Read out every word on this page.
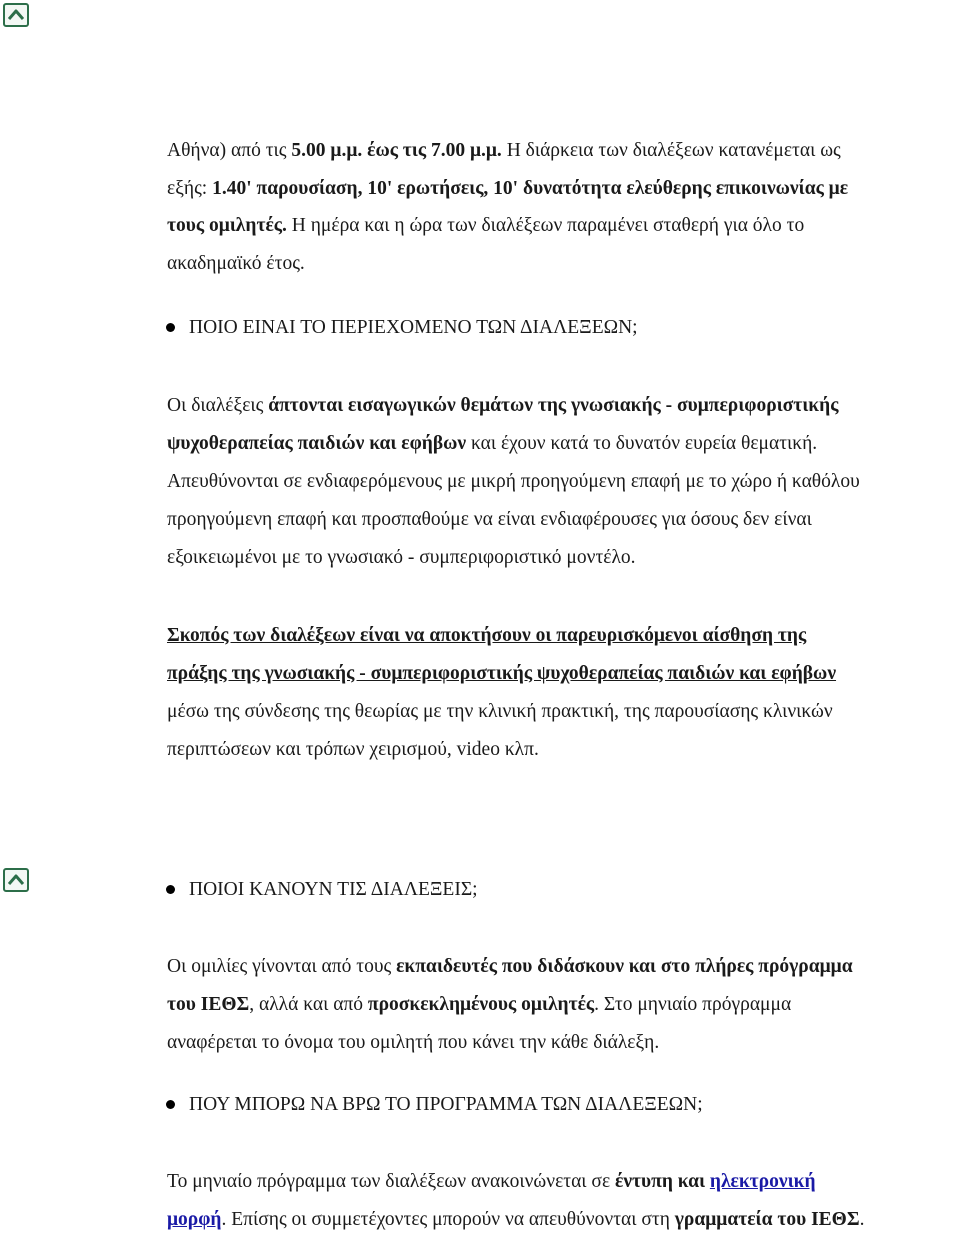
Αθήνα) από τις 5.00 μ.μ. έως τις 7.00 μ.μ. Η διάρκεια των διαλέξεων κατανέμεται ως
εξής: 1.40' παρουσίαση, 10' ερωτήσεις, 10' δυνατότητα ελεύθερης επικοινωνίας με
τους ομιλητές. Η ημέρα και η ώρα των διαλέξεων παραμένει σταθερή για όλο το
ακαδημαϊκό έτος.
ΠΟΙΟ ΕΙΝΑΙ ΤΟ ΠΕΡΙΕΧΟΜΕΝΟ ΤΩΝ ΔΙΑΛΕΞΕΩΝ;
Οι διαλέξεις άπτονται εισαγωγικών θεμάτων της γνωσιακής - συμπεριφοριστικής
ψυχοθεραπείας παιδιών και εφήβων και έχουν κατά το δυνατόν ευρεία θεματική.
Απευθύνονται σε ενδιαφερόμενους με μικρή προηγούμενη επαφή με το χώρο ή καθόλου
προηγούμενη επαφή και προσπαθούμε να είναι ενδιαφέρουσες για όσους δεν είναι
εξοικειωμένοι με το γνωσιακό - συμπεριφοριστικό μοντέλο.
Σκοπός των διαλέξεων είναι να αποκτήσουν οι παρευρισκόμενοι αίσθηση της
πράξης της γνωσιακής - συμπεριφοριστικής ψυχοθεραπείας παιδιών και εφήβων
μέσω της σύνδεσης της θεωρίας με την κλινική πρακτική, της παρουσίασης κλινικών
περιπτώσεων και τρόπων χειρισμού, video κλπ.
ΠΟΙΟΙ ΚΑΝΟΥΝ ΤΙΣ ΔΙΑΛΕΞΕΙΣ;
Οι ομιλίες γίνονται από τους εκπαιδευτές που διδάσκουν και στο πλήρες πρόγραμμα
του ΙΕΘΣ, αλλά και από προσκεκλημένους ομιλητές. Στο μηνιαίο πρόγραμμα
αναφέρεται το όνομα του ομιλητή που κάνει την κάθε διάλεξη.
ΠΟΥ ΜΠΟΡΩ ΝΑ ΒΡΩ ΤΟ ΠΡΟΓΡΑΜΜΑ ΤΩΝ ΔΙΑΛΕΞΕΩΝ;
Το μηνιαίο πρόγραμμα των διαλέξεων ανακοινώνεται σε έντυπη και ηλεκτρονική
μορφή. Επίσης οι συμμετέχοντες μπορούν να απευθύνονται στη γραμματεία του ΙΕΘΣ.
